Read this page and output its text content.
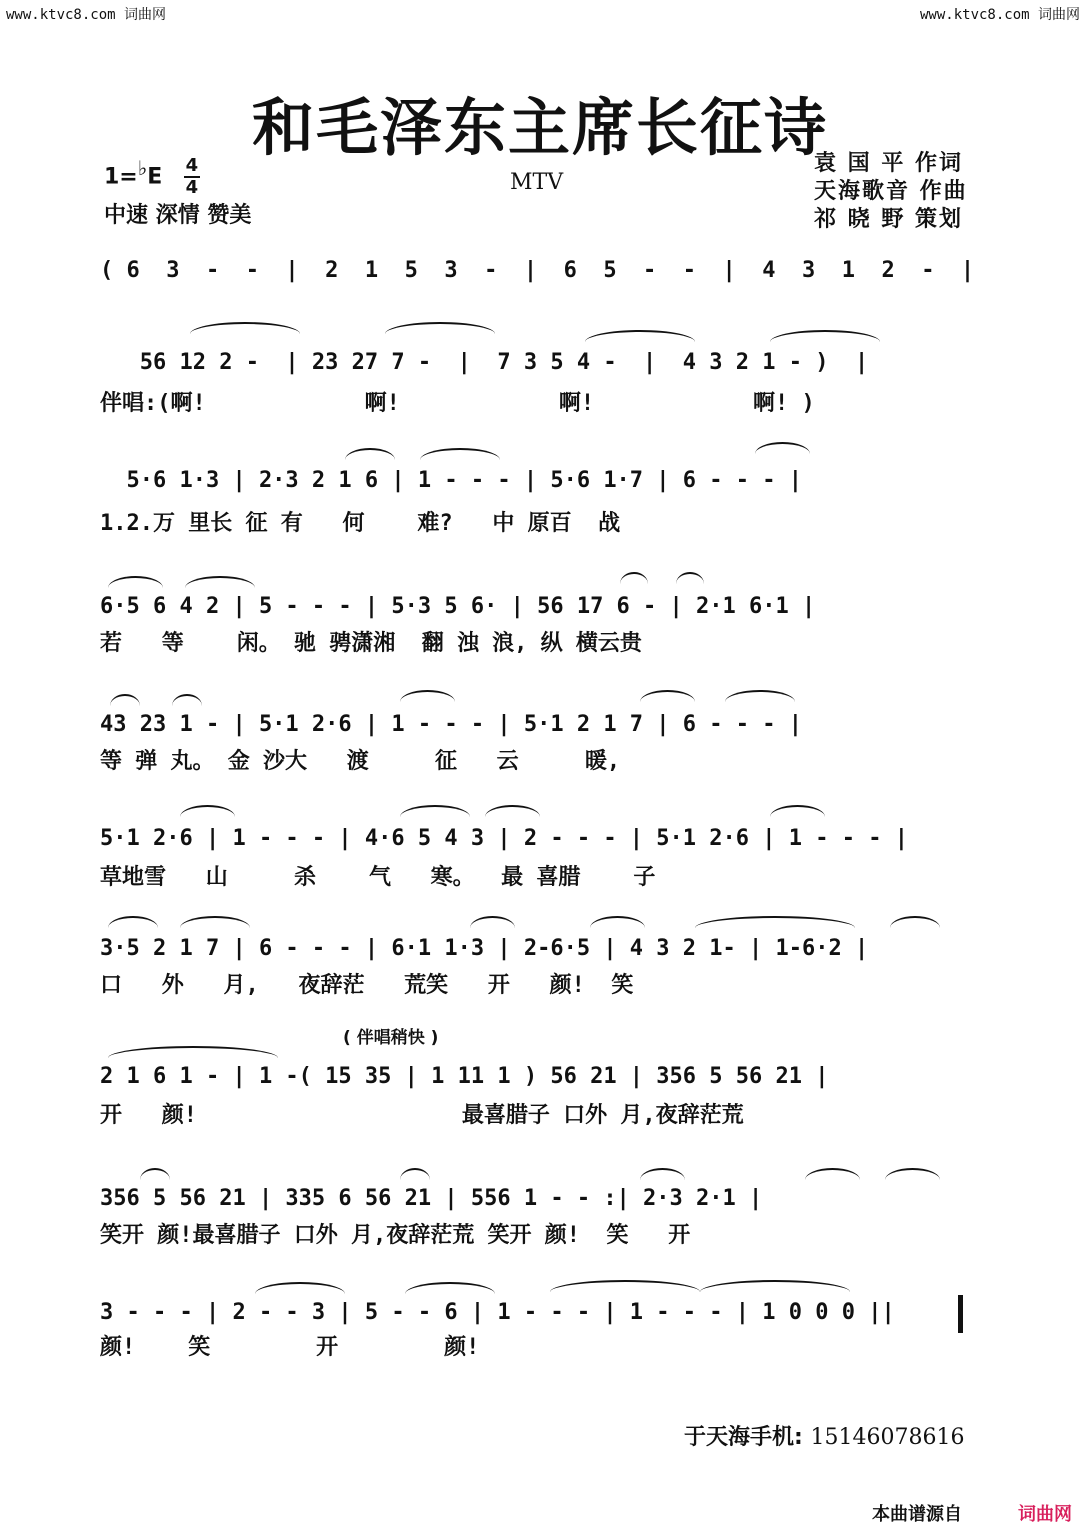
www.ktvc8.com 词曲网	www.ktvc8.com 词曲网
和毛泽东主席长征诗
1=♭E $\frac{4}{4}$
中速 深情 赞美
MTV
袁 国 平 作词
天海歌音 作曲
祁 晓 野 策划
( 6  3  -  -  |  2  1  5  3  -  |  6  5  -  -  |  4  3  1  2  -  |
56 12 2 -  | 23 27 7 -  |  7 3 5 4 -  |  4 3 2 1 - )  |
伴唱:(啊!            啊!            啊!            啊! )
5·6 1·3 | 2·3 2 1 6 | 1 - - - | 5·6 1·7 | 6 - - - |
1.2.万 里长 征 有   何    难?   中 原百  战
6·5 6 4 2 | 5 - - - | 5·3 5 6· | 56 17 6 - | 2·1 6·1 |
若   等    闲。 驰 骋潇湘  翻 浊 浪, 纵 横云贵
43 23 1 - | 5·1 2·6 | 1 - - - | 5·1 2 1 7 | 6 - - - |
等 弹 丸。 金 沙大   渡     征   云     暖,
5·1 2·6 | 1 - - - | 4·6 5 4 3 | 2 - - - | 5·1 2·6 | 1 - - - |
草地雪   山     杀    气   寒。  最 喜腊    子
3·5 2 1 7 | 6 - - - | 6·1 1·3 | 2-6·5 | 4 3 2 1- | 1-6·2 |
口   外   月,   夜辞茫   荒笑   开   颜!  笑
( 伴唱稍快 )
2 1 6 1 - | 1 -( 15 35 | 1 11 1 ) 56 21 | 356 5 56 21 |
开   颜!                    最喜腊子 口外 月,夜辞茫荒
356 5 56 21 | 335 6 56 21 | 556 1 - - :| 2·3 2·1 |
笑开 颜!最喜腊子 口外 月,夜辞茫荒 笑开 颜!  笑   开
3 - - - | 2 - - 3 | 5 - - 6 | 1 - - - | 1 - - - | 1 0 0 0 ||
颜!    笑        开        颜!
于天海手机: 15146078616
本曲谱源自	词曲网
